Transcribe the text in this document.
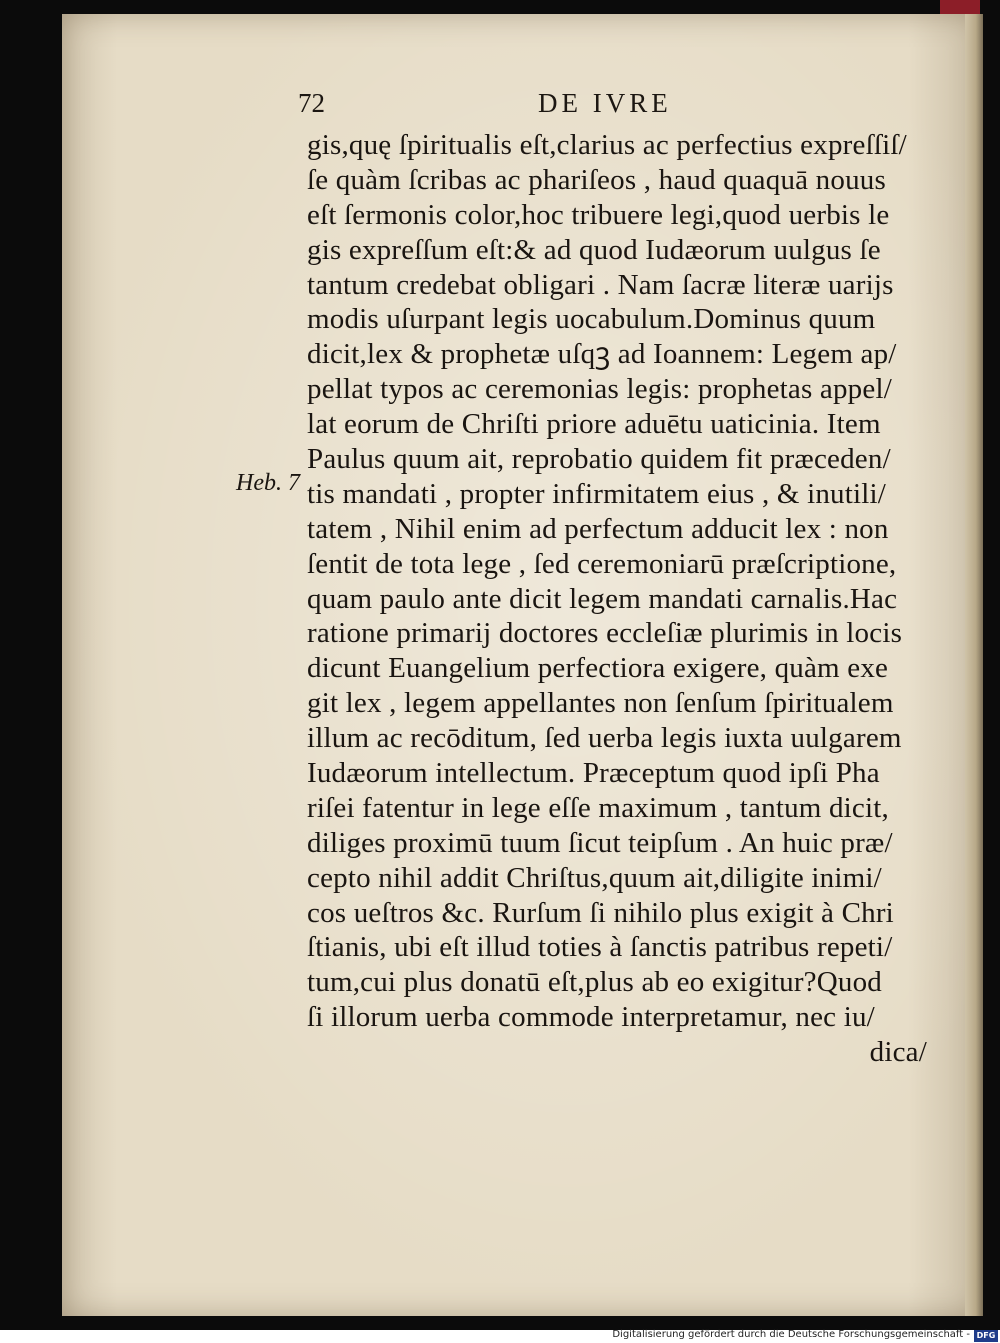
72	DE IVRE
Heb. 7
gis,quę ſpiritualis eſt,clarius ac perfectius expreſſiſ/
ſe quàm ſcribas ac phariſeos , haud quaquā nouus
eſt ſermonis color,hoc tribuere legi,quod uerbis le
gis expreſſum eſt:& ad quod Iudæorum uulgus ſe
tantum credebat obligari . Nam ſacræ literæ uarijs
modis uſurpant legis uocabulum.Dominus quum
dicit,lex & prophetæ uſqꝫ ad Ioannem: Legem ap/
pellat typos ac ceremonias legis: prophetas appel/
lat eorum de Chriſti priore aduētu uaticinia. Item
Paulus quum ait, reprobatio quidem fit præceden/
tis mandati , propter infirmitatem eius , & inutili/
tatem , Nihil enim ad perfectum adducit lex : non
ſentit de tota lege , ſed ceremoniarū præſcriptione,
quam paulo ante dicit legem mandati carnalis.Hac
ratione primarij doctores eccleſiæ plurimis in locis
dicunt Euangelium perfectiora exigere, quàm exe
git lex , legem appellantes non ſenſum ſpiritualem
illum ac recōditum, ſed uerba legis iuxta uulgarem
Iudæorum intellectum. Præceptum quod ipſi Pha
riſei fatentur in lege eſſe maximum , tantum dicit,
diliges proximū tuum ſicut teipſum . An huic præ/
cepto nihil addit Chriſtus,quum ait,diligite inimi/
cos ueſtros &c. Rurſum ſi nihilo plus exigit à Chri
ſtianis, ubi eſt illud toties à ſanctis patribus repeti/
tum,cui plus donatū eſt,plus ab eo exigitur?Quod
ſi illorum uerba commode interpretamur, nec iu/
dica/
Digitalisierung gefördert durch die Deutsche Forschungsgemeinschaft - DFG
